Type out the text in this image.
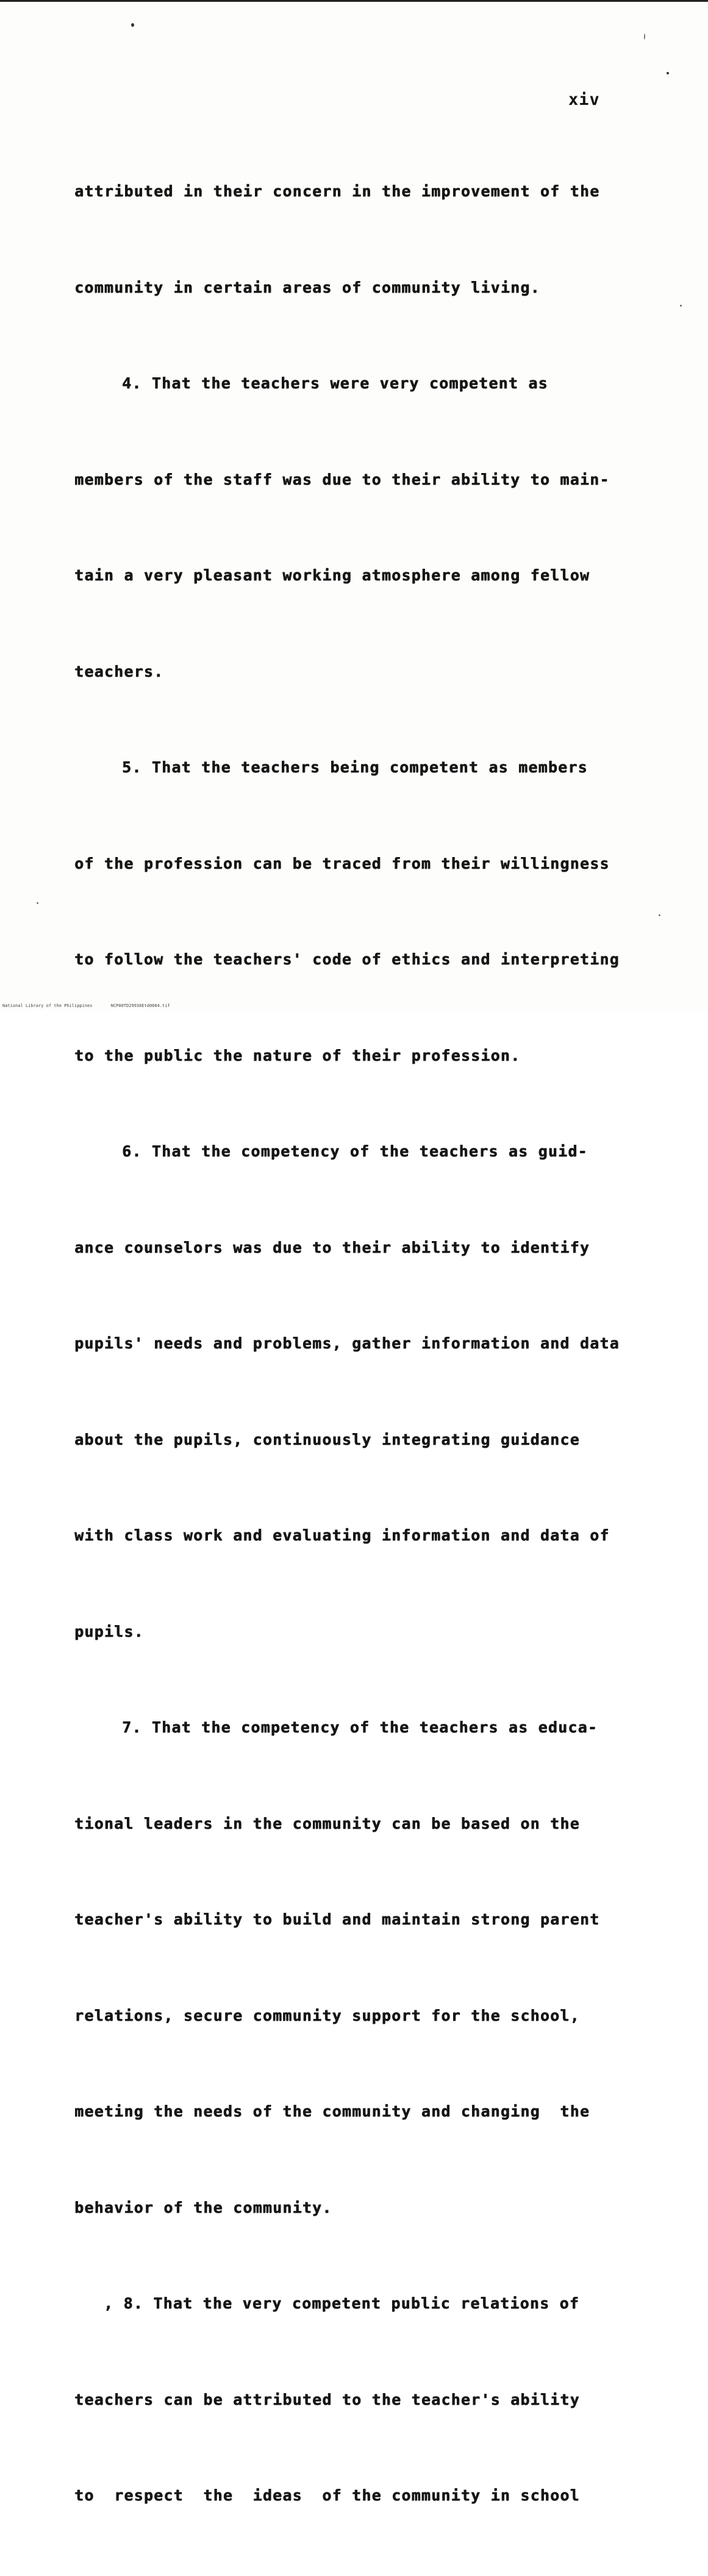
xiv

attributed in their concern in the improvement of the

community in certain areas of community living.

4. That the teachers were very competent as

members of the staff was due to their ability to main-

tain a very pleasant working atmosphere among fellow

teachers.

5. That the teachers being competent as members

of the profession can be traced from their willingness

to follow the teachers' code of ethics and interpreting

to the public the nature of their profession.

6. That the competency of the teachers as guid-

ance counselors was due to their ability to identify

pupils' needs and problems, gather information and data

about the pupils, continuously integrating guidance

with class work and evaluating information and data of

pupils.

7. That the competency of the teachers as educa-

tional leaders in the community can be based on the

teacher's ability to build and maintain strong parent

relations, secure community support for the school,

meeting the needs of the community and changing  the

behavior of the community.

, 8. That the very competent public relations of

teachers can be attributed to the teacher's ability

to  respect  the  ideas  of the community in school

National Library of the Philippines	NCP00TD29936Etd0004.tif
